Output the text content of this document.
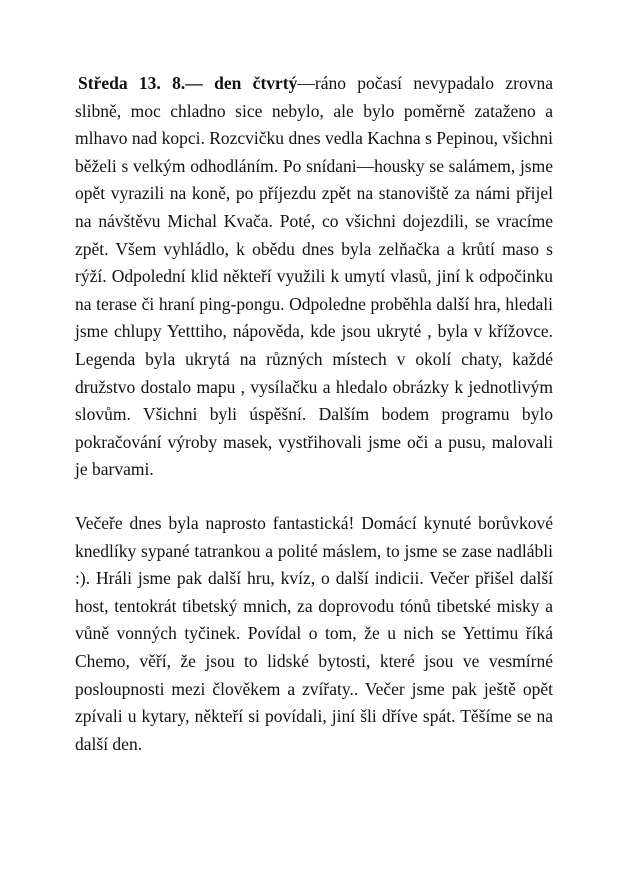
Středa 13. 8.— den čtvrtý—ráno počasí nevypadalo zrovna slibně, moc chladno sice nebylo, ale bylo poměrně zataženo a mlhavo nad kopci. Rozcvičku dnes vedla Kachna s Pepinou, všichni běželi s velkým odhodláním. Po snídani—housky se salámem, jsme opět vyrazili na koně, po příjezdu zpět na stanoviště za námi přijel na návštěvu Michal Kvača. Poté, co všichni dojezdili, se vracíme zpět. Všem vyhládlo, k obědu dnes byla zelňačka a krůtí maso s rýží. Odpolední klid někteří využili k umytí vlasů, jiní k odpočinku na terase či hraní ping-pongu. Odpoledne proběhla další hra, hledali jsme chlupy Yetttiho, nápověda, kde jsou ukryté , byla v křížovce. Legenda byla ukrytá na různých místech v okolí chaty, každé družstvo dostalo mapu , vysílačku a hledalo obrázky k jednotlivým slovům. Všichni byli úspěšní. Dalším bodem programu bylo pokračování výroby masek, vystřihovali jsme oči a pusu, malovali je barvami.
Večeře dnes byla naprosto fantastická! Domácí kynuté borůvkové knedlíky sypané tatrankou a polité máslem, to jsme se zase nadlábli :). Hráli jsme pak další hru, kvíz, o další indicii. Večer přišel další host, tentokrát tibetský mnich, za doprovodu tónů tibetské misky a vůně vonných tyčinek. Povídal o tom, že u nich se Yettimu říká Chemo, věří, že jsou to lidské bytosti, které jsou ve vesmírné posloupnosti mezi člověkem a zvířaty.. Večer jsme pak ještě opět zpívali u kytary, někteří si povídali, jiní šli dříve spát. Těšíme se na další den.
